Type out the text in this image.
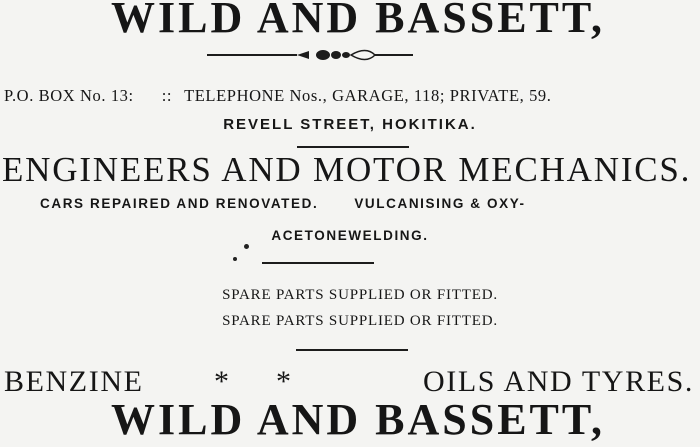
WILD AND BASSETT,
P.O. BOX No. 13: :: TELEPHONE Nos., GARAGE, 118; PRIVATE, 59.
REVELL STREET, HOKITIKA.
ENGINEERS AND MOTOR MECHANICS.
CARS REPAIRED AND RENOVATED.	VULCANISING & OXY-
ACETONEWELDING.
SPARE PARTS SUPPLIED OR FITTED.
SPARE PARTS SUPPLIED OR FITTED.
BENZINE	*	*	OILS AND TYRES.
WILD AND BASSETT,
